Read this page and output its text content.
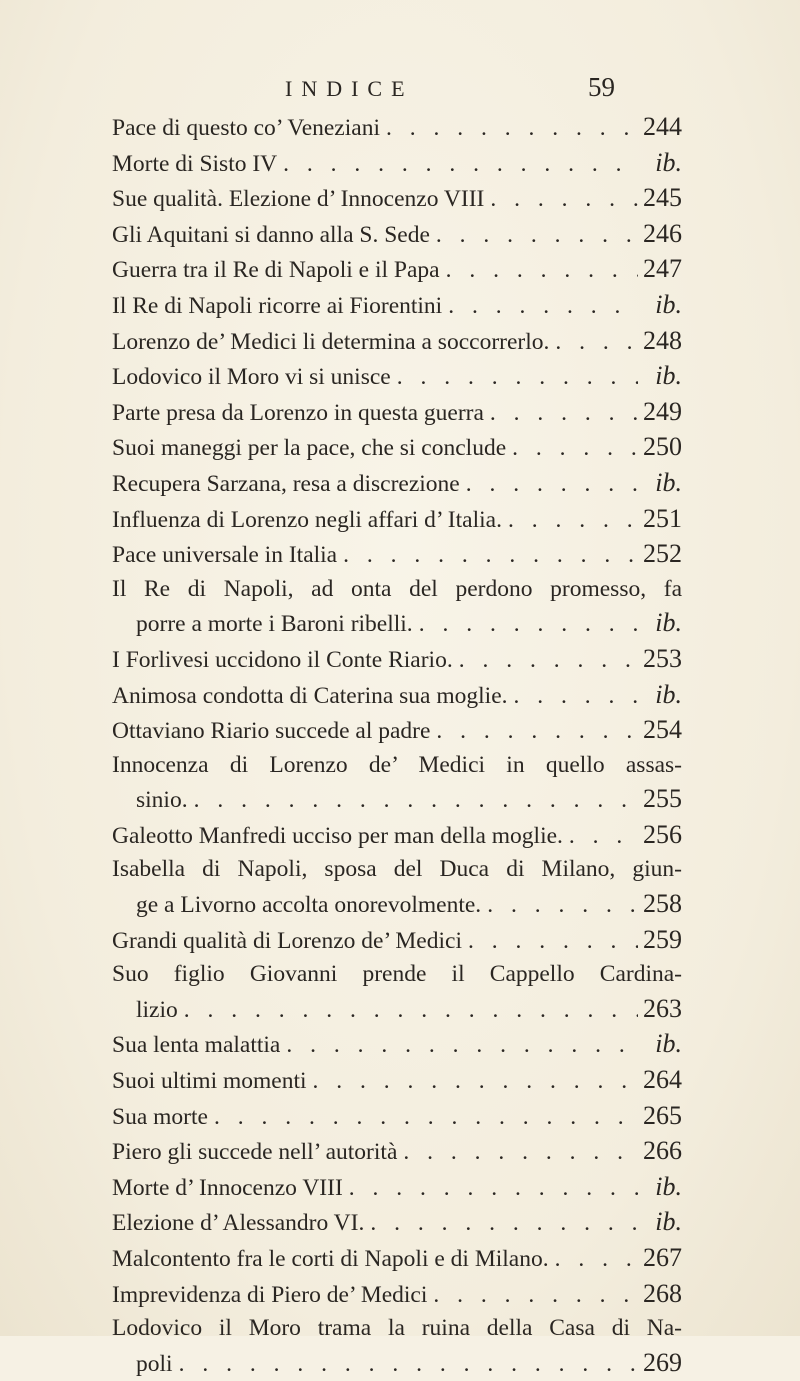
INDICE	59
Pace di questo co’ Veneziani . . .	244
Morte di Sisto IV . . .	ib.
Sue qualità. Elezione d’ Innocenzo VIII . . .	245
Gli Aquitani si danno alla S. Sede . . .	246
Guerra tra il Re di Napoli e il Papa . . .	247
Il Re di Napoli ricorre ai Fiorentini . . .	ib.
Lorenzo de’ Medici li determina a soccorrerlo. . . .	248
Lodovico il Moro vi si unisce . . .	ib.
Parte presa da Lorenzo in questa guerra . . .	249
Suoi maneggi per la pace, che si conclude . . .	250
Recupera Sarzana, resa a discrezione . . .	ib.
Influenza di Lorenzo negli affari d’ Italia. . . .	251
Pace universale in Italia . . .	252
Il Re di Napoli, ad onta del perdono promesso, fa
porre a morte i Baroni ribelli. . . .	ib.
I Forlivesi uccidono il Conte Riario. . . .	253
Animosa condotta di Caterina sua moglie. . . .	ib.
Ottaviano Riario succede al padre . . .	254
Innocenza di Lorenzo de’ Medici in quello assas-
sinio. . . .	255
Galeotto Manfredi ucciso per man della moglie. . . .	256
Isabella di Napoli, sposa del Duca di Milano, giun-
ge a Livorno accolta onorevolmente. . . .	258
Grandi qualità di Lorenzo de’ Medici . . .	259
Suo figlio Giovanni prende il Cappello Cardina-
lizio . . .	263
Sua lenta malattia . . .	ib.
Suoi ultimi momenti . . .	264
Sua morte . . .	265
Piero gli succede nell’ autorità . . .	266
Morte d’ Innocenzo VIII . . .	ib.
Elezione d’ Alessandro VI. . . .	ib.
Malcontento fra le corti di Napoli e di Milano. . . .	267
Imprevidenza di Piero de’ Medici . . .	268
Lodovico il Moro trama la ruina della Casa di Na-
poli . . .	269
